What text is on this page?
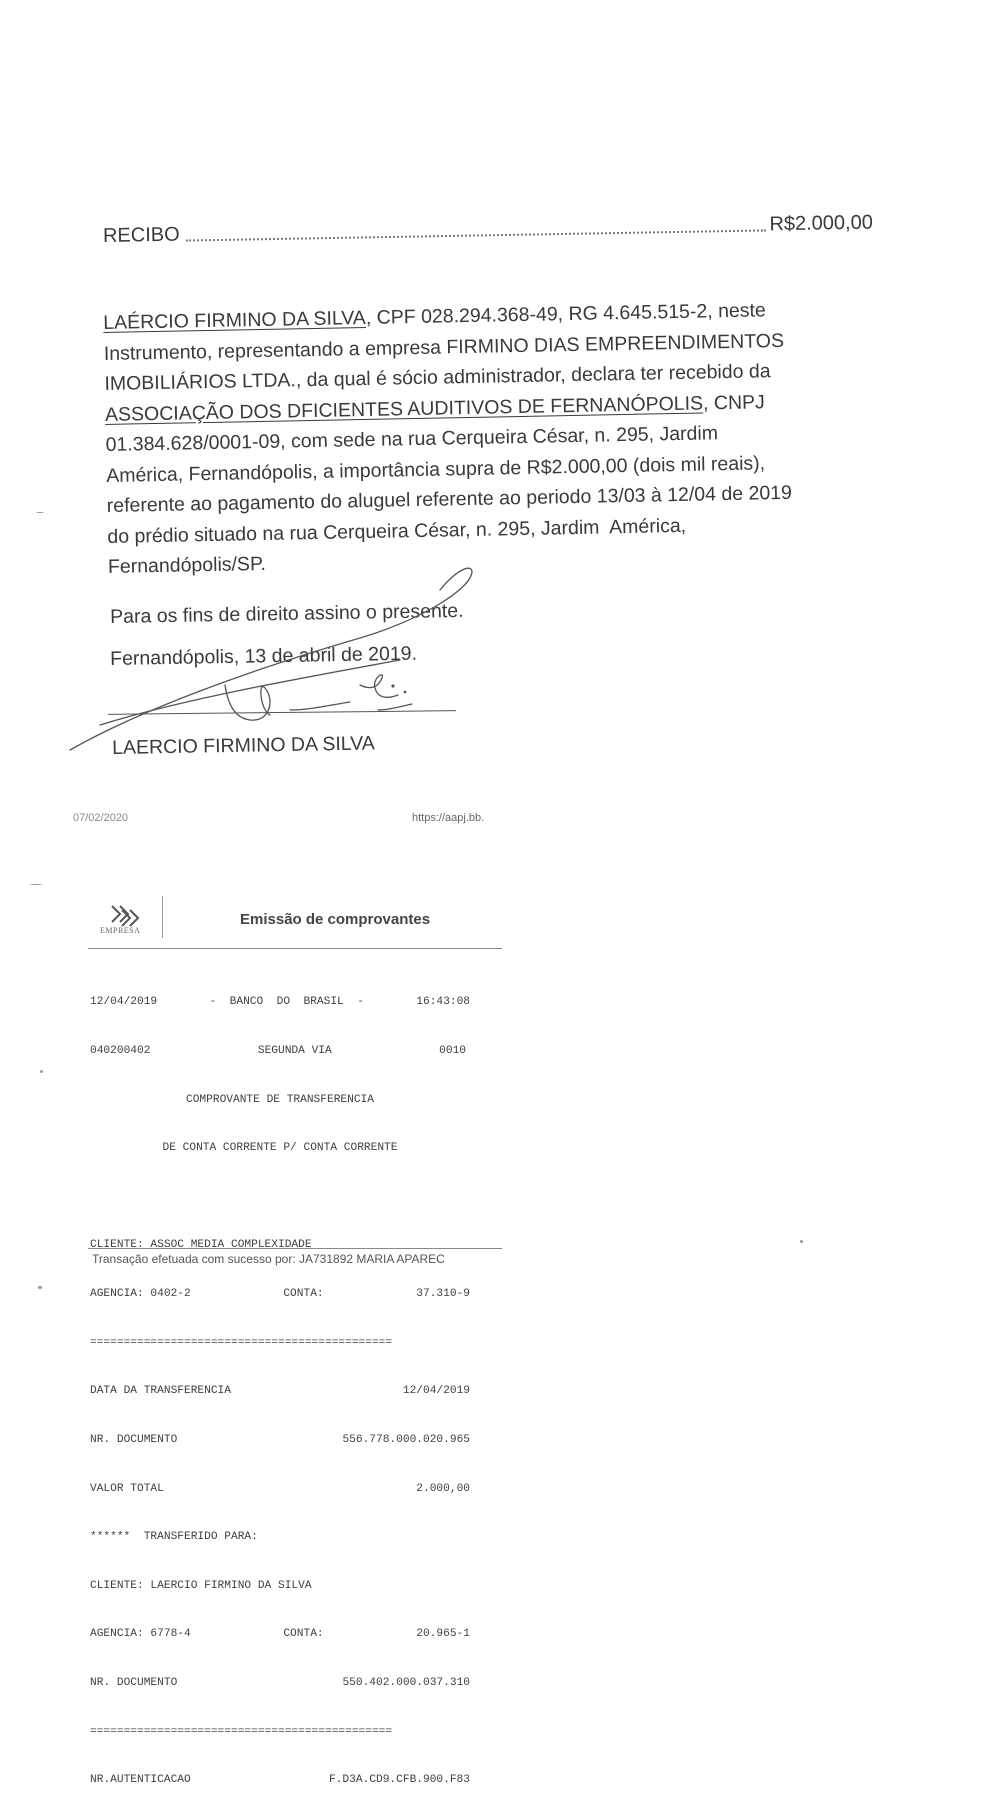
RECIBO	R$2.000,00
LAÉRCIO FIRMINO DA SILVA, CPF 028.294.368-49, RG 4.645.515-2, neste
Instrumento, representando a empresa FIRMINO DIAS EMPREENDIMENTOS
IMOBILIÁRIOS LTDA., da qual é sócio administrador, declara ter recebido da
ASSOCIAÇÃO DOS DFICIENTES AUDITIVOS DE FERNANÓPOLIS, CNPJ
01.384.628/0001-09, com sede na rua Cerqueira César, n. 295, Jardim
América, Fernandópolis, a importância supra de R$2.000,00 (dois mil reais),
referente ao pagamento do aluguel referente ao periodo 13/03 à 12/04 de 2019
do prédio situado na rua Cerqueira César, n. 295, Jardim  América,
Fernandópolis/SP.
Para os fins de direito assino o presente.
Fernandópolis, 13 de abril de 2019.
LAERCIO FIRMINO DA SILVA
07/02/2020	https://aapj.bb.
EMPRESA
Emissão de comprovantes

12/04/2019	-  BANCO  DO  BRASIL  -	16:43:08

040200402	SEGUNDA VIA	0010

COMPROVANTE DE TRANSFERENCIA

DE CONTA CORRENTE P/ CONTA CORRENTE

CLIENTE: ASSOC MEDIA COMPLEXIDADE

AGENCIA: 0402-2	CONTA:	37.310-9

=============================================

DATA DA TRANSFERENCIA	12/04/2019

NR. DOCUMENTO	556.778.000.020.965

VALOR TOTAL	2.000,00

******  TRANSFERIDO PARA:

CLIENTE: LAERCIO FIRMINO DA SILVA

AGENCIA: 6778-4	CONTA:	20.965-1

NR. DOCUMENTO	550.402.000.037.310

=============================================

NR.AUTENTICACAO	F.D3A.CD9.CFB.900.F83

Transação efetuada com sucesso por: JA731892 MARIA APAREC
